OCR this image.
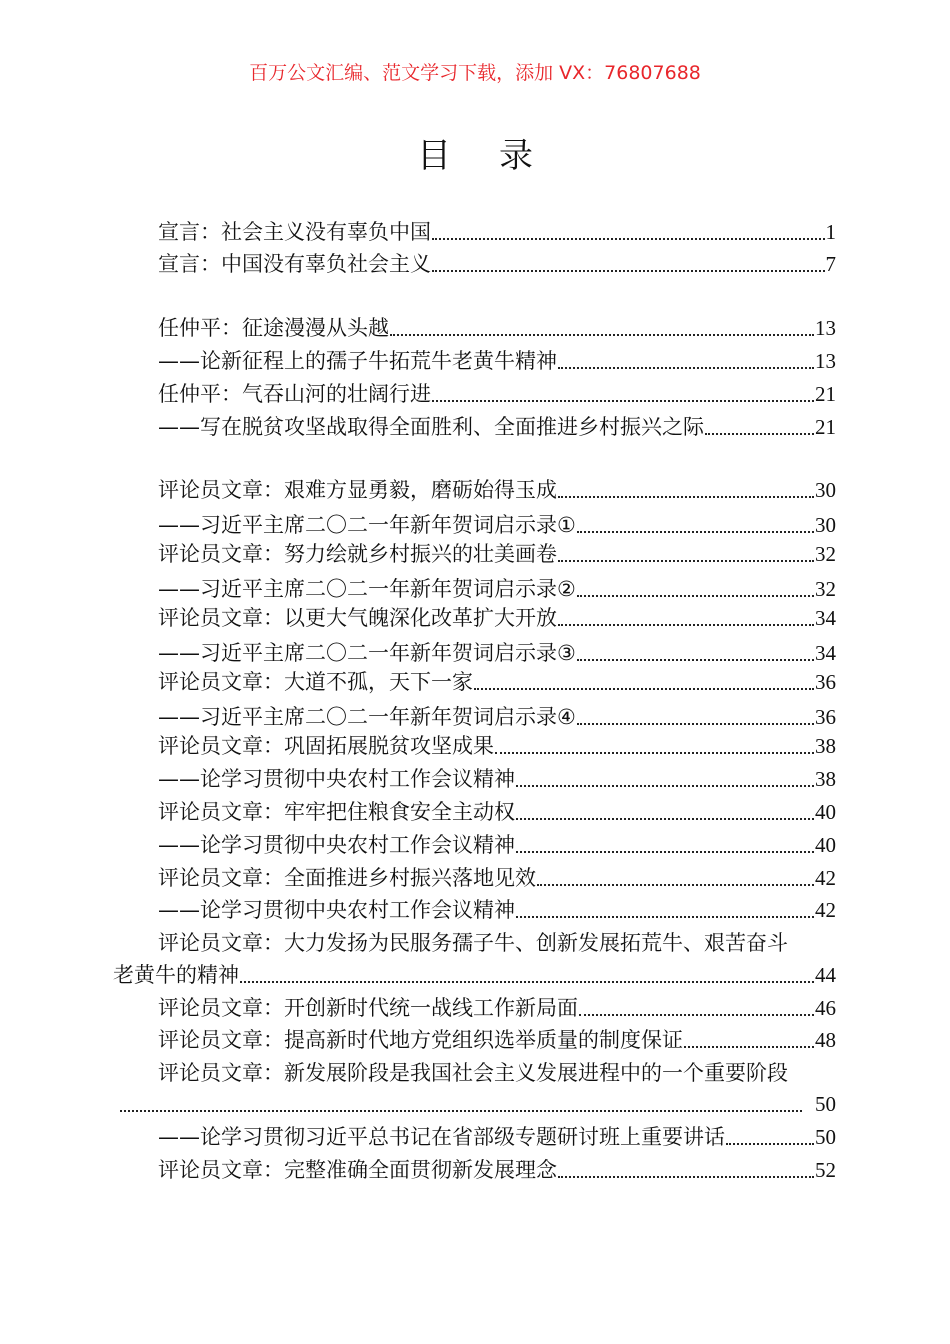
百万公文汇编、范文学习下载，添加 VX：76807688
目 录
宣言：社会主义没有辜负中国	1
宣言：中国没有辜负社会主义	7
任仲平：征途漫漫从头越	13
——论新征程上的孺子牛拓荒牛老黄牛精神	13
任仲平：气吞山河的壮阔行进	21
——写在脱贫攻坚战取得全面胜利、全面推进乡村振兴之际	21
评论员文章：艰难方显勇毅，磨砺始得玉成	30
——习近平主席二〇二一年新年贺词启示录①	30
评论员文章：努力绘就乡村振兴的壮美画卷	32
——习近平主席二〇二一年新年贺词启示录②	32
评论员文章：以更大气魄深化改革扩大开放	34
——习近平主席二〇二一年新年贺词启示录③	34
评论员文章：大道不孤，天下一家	36
——习近平主席二〇二一年新年贺词启示录④	36
评论员文章：巩固拓展脱贫攻坚成果	38
——论学习贯彻中央农村工作会议精神	38
评论员文章：牢牢把住粮食安全主动权	40
——论学习贯彻中央农村工作会议精神	40
评论员文章：全面推进乡村振兴落地见效	42
——论学习贯彻中央农村工作会议精神	42
评论员文章：大力发扬为民服务孺子牛、创新发展拓荒牛、艰苦奋斗
老黄牛的精神	44
评论员文章：开创新时代统一战线工作新局面	46
评论员文章：提高新时代地方党组织选举质量的制度保证	48
评论员文章：新发展阶段是我国社会主义发展进程中的一个重要阶段
50
——论学习贯彻习近平总书记在省部级专题研讨班上重要讲话	50
评论员文章：完整准确全面贯彻新发展理念	52
